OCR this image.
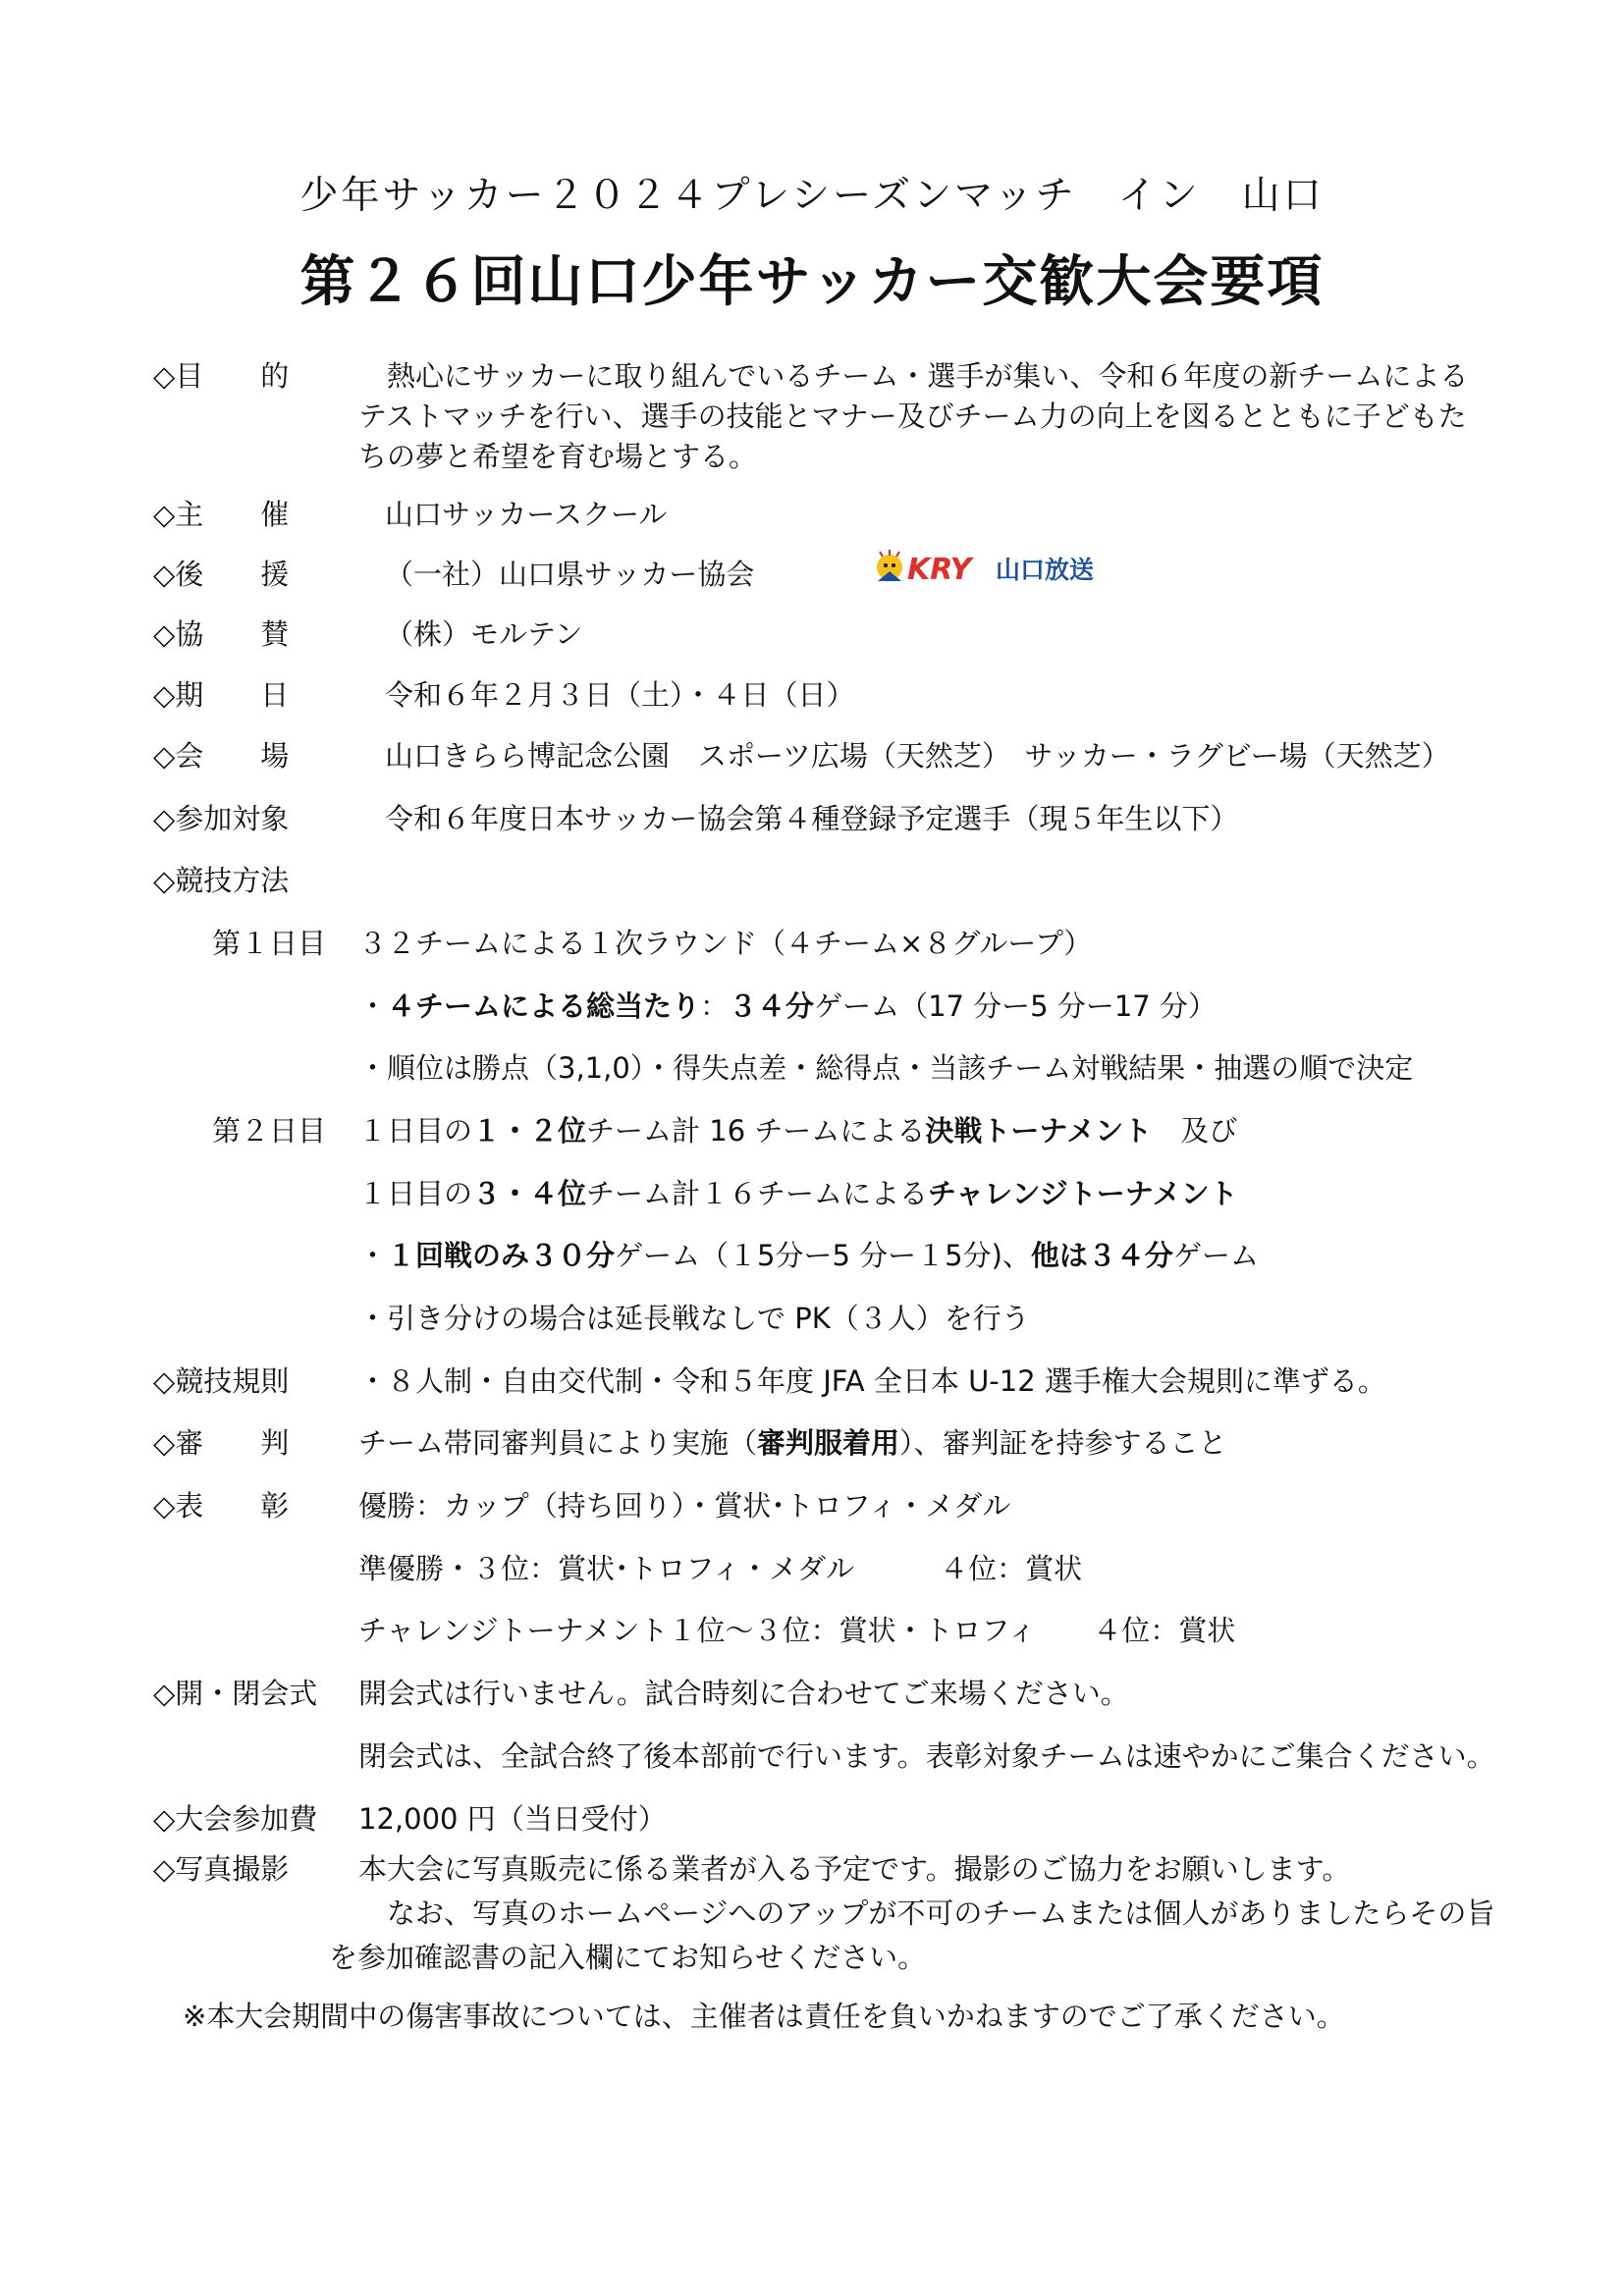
少年サッカー２０２４プレシーズンマッチ　イン　山口
第２６回山口少年サッカー交歓大会要項
◇目　　的 　熱心にサッカーに取り組んでいるチーム・選手が集い、令和６年度の新チームによる
テストマッチを行い、選手の技能とマナー及びチーム力の向上を図るとともに子どもた
ちの夢と希望を育む場とする。
◇主　　催	山口サッカースクール
◇後　　援	（一社）山口県サッカー協会	KRY 山口放送
◇協　　賛	（株）モルテン
◇期　　日	令和６年２月３日（土）・４日（日）
◇会　　場	山口きらら博記念公園　スポーツ広場（天然芝）　サッカー・ラグビー場（天然芝）
◇参加対象	令和６年度日本サッカー協会第４種登録予定選手（現５年生以下）
◇競技方法
第１日目 ３２チームによる１次ラウンド（４チーム×８グループ）
・４チームによる総当たり：３４分ゲーム（17 分ー5 分ー17 分）
・順位は勝点（3,1,0）・得失点差・総得点・当該チーム対戦結果・抽選の順で決定
第２日目 １日目の１・２位チーム計 16 チームによる決戦トーナメント　及び
１日目の３・４位チーム計１６チームによるチャレンジトーナメント
・１回戦のみ３０分ゲーム（１5分ー5 分ー１5分)、他は３４分ゲーム
・引き分けの場合は延長戦なしで PK（３人）を行う
◇競技規則 ・８人制・自由交代制・令和５年度 JFA 全日本 U-12 選手権大会規則に準ずる。
◇審　　判 チーム帯同審判員により実施（審判服着用）、審判証を持参すること
◇表　　彰 優勝：カップ（持ち回り）・賞状･トロフィ・メダル
準優勝・３位：賞状･トロフィ・メダル　　　４位：賞状
チャレンジトーナメント１位～３位：賞状・トロフィ　　４位：賞状
◇開・閉会式 開会式は行いません。試合時刻に合わせてご来場ください。
閉会式は、全試合終了後本部前で行います。表彰対象チームは速やかにご集合ください。
◇大会参加費 12,000 円（当日受付）
◇写真撮影 本大会に写真販売に係る業者が入る予定です。撮影のご協力をお願いします。
　なお、写真のホームページへのアップが不可のチームまたは個人がありましたらその旨
を参加確認書の記入欄にてお知らせください。
※本大会期間中の傷害事故については、主催者は責任を負いかねますのでご了承ください。
